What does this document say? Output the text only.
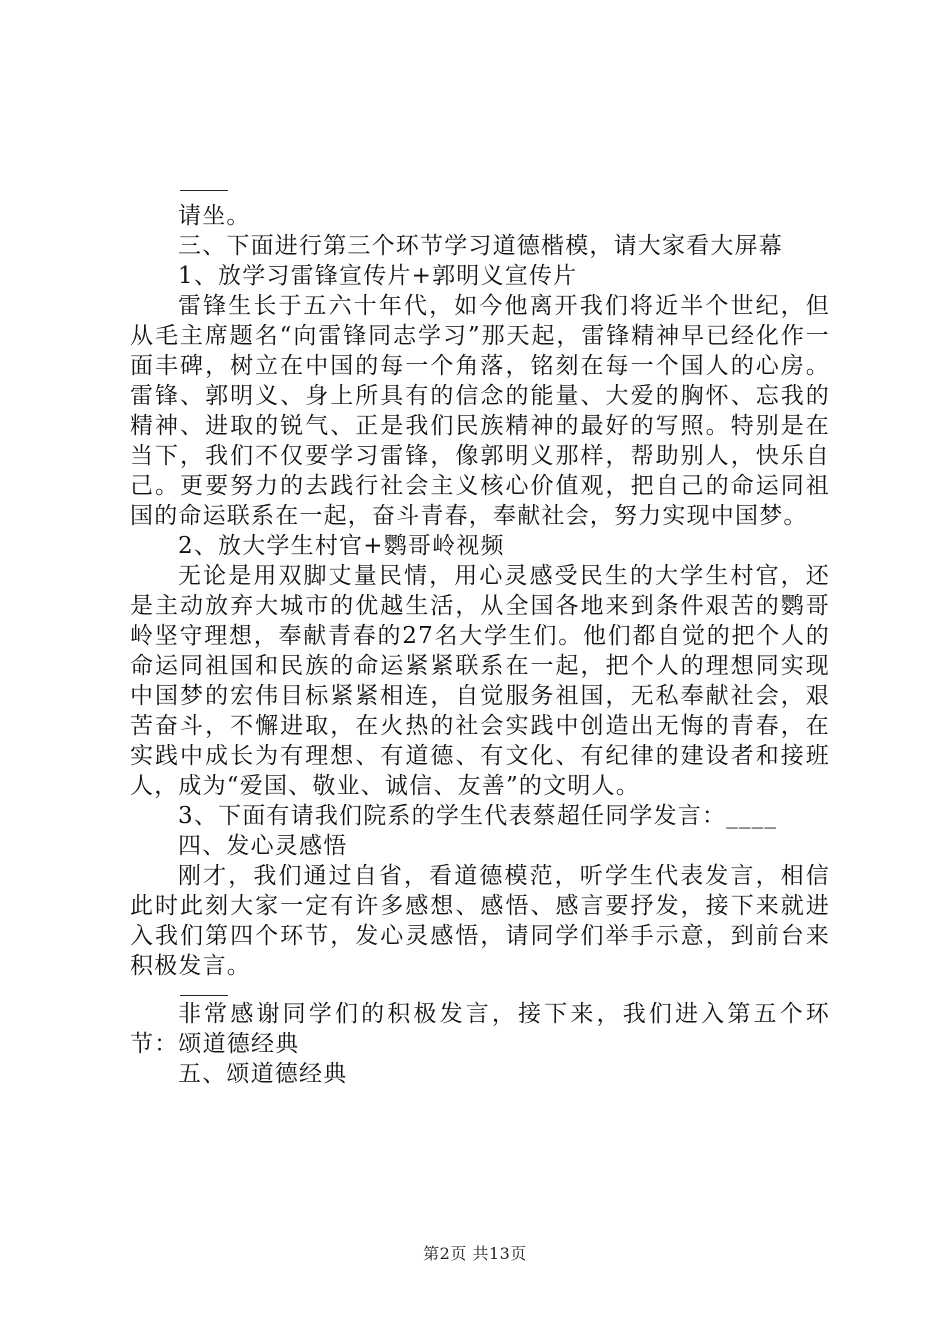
请坐。

三、下面进行第三个环节学习道德楷模，请大家看大屏幕

1、放学习雷锋宣传片+郭明义宣传片

雷锋生长于五六十年代，如今他离开我们将近半个世纪，但从毛主席题名“向雷锋同志学习”那天起，雷锋精神早已经化作一面丰碑，树立在中国的每一个角落，铭刻在每一个国人的心房。雷锋、郭明义、身上所具有的信念的能量、大爱的胸怀、忘我的精神、进取的锐气、正是我们民族精神的最好的写照。特别是在当下，我们不仅要学习雷锋，像郭明义那样，帮助别人，快乐自己。更要努力的去践行社会主义核心价值观，把自己的命运同祖国的命运联系在一起，奋斗青春，奉献社会，努力实现中国梦。

2、放大学生村官+鹦哥岭视频

无论是用双脚丈量民情，用心灵感受民生的大学生村官，还是主动放弃大城市的优越生活，从全国各地来到条件艰苦的鹦哥岭坚守理想，奉献青春的27名大学生们。他们都自觉的把个人的命运同祖国和民族的命运紧紧联系在一起，把个人的理想同实现中国梦的宏伟目标紧紧相连，自觉服务祖国，无私奉献社会，艰苦奋斗，不懈进取，在火热的社会实践中创造出无悔的青春，在实践中成长为有理想、有道德、有文化、有纪律的建设者和接班人，成为“爱国、敬业、诚信、友善”的文明人。

3、下面有请我们院系的学生代表蔡超任同学发言：____

四、发心灵感悟

刚才，我们通过自省，看道德模范，听学生代表发言，相信此时此刻大家一定有许多感想、感悟、感言要抒发，接下来就进入我们第四个环节，发心灵感悟，请同学们举手示意，到前台来积极发言。

非常感谢同学们的积极发言，接下来，我们进入第五个环节：颂道德经典

五、颂道德经典

第2页 共13页
